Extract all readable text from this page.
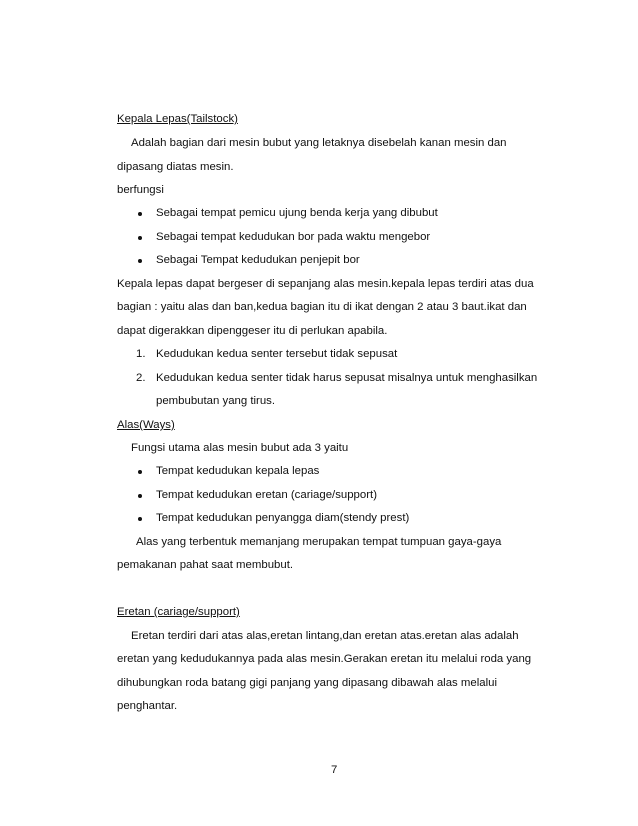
Kepala Lepas(Tailstock)
Adalah bagian dari mesin bubut yang letaknya disebelah kanan mesin dan
dipasang diatas mesin.
berfungsi
Sebagai tempat pemicu ujung benda kerja yang dibubut
Sebagai tempat kedudukan bor pada waktu mengebor
Sebagai Tempat kedudukan penjepit bor
Kepala lepas dapat bergeser di sepanjang alas mesin.kepala lepas terdiri atas dua
bagian : yaitu alas dan ban,kedua bagian itu di ikat dengan 2 atau 3 baut.ikat dan
dapat digerakkan dipenggeser itu di perlukan apabila.
1. Kedudukan kedua senter tersebut tidak sepusat
2. Kedudukan kedua senter tidak harus sepusat misalnya untuk menghasilkan
pembubutan yang tirus.
Alas(Ways)
Fungsi utama alas mesin bubut ada 3 yaitu
Tempat kedudukan kepala lepas
Tempat kedudukan eretan (cariage/support)
Tempat kedudukan penyangga diam(stendy prest)
Alas yang terbentuk memanjang merupakan tempat tumpuan gaya-gaya
pemakanan pahat saat membubut.
Eretan (cariage/support)
Eretan terdiri dari atas alas,eretan lintang,dan eretan atas.eretan alas adalah
eretan yang kedudukannya pada alas mesin.Gerakan eretan itu melalui roda yang
dihubungkan roda batang gigi panjang yang dipasang dibawah alas melalui
penghantar.
7
